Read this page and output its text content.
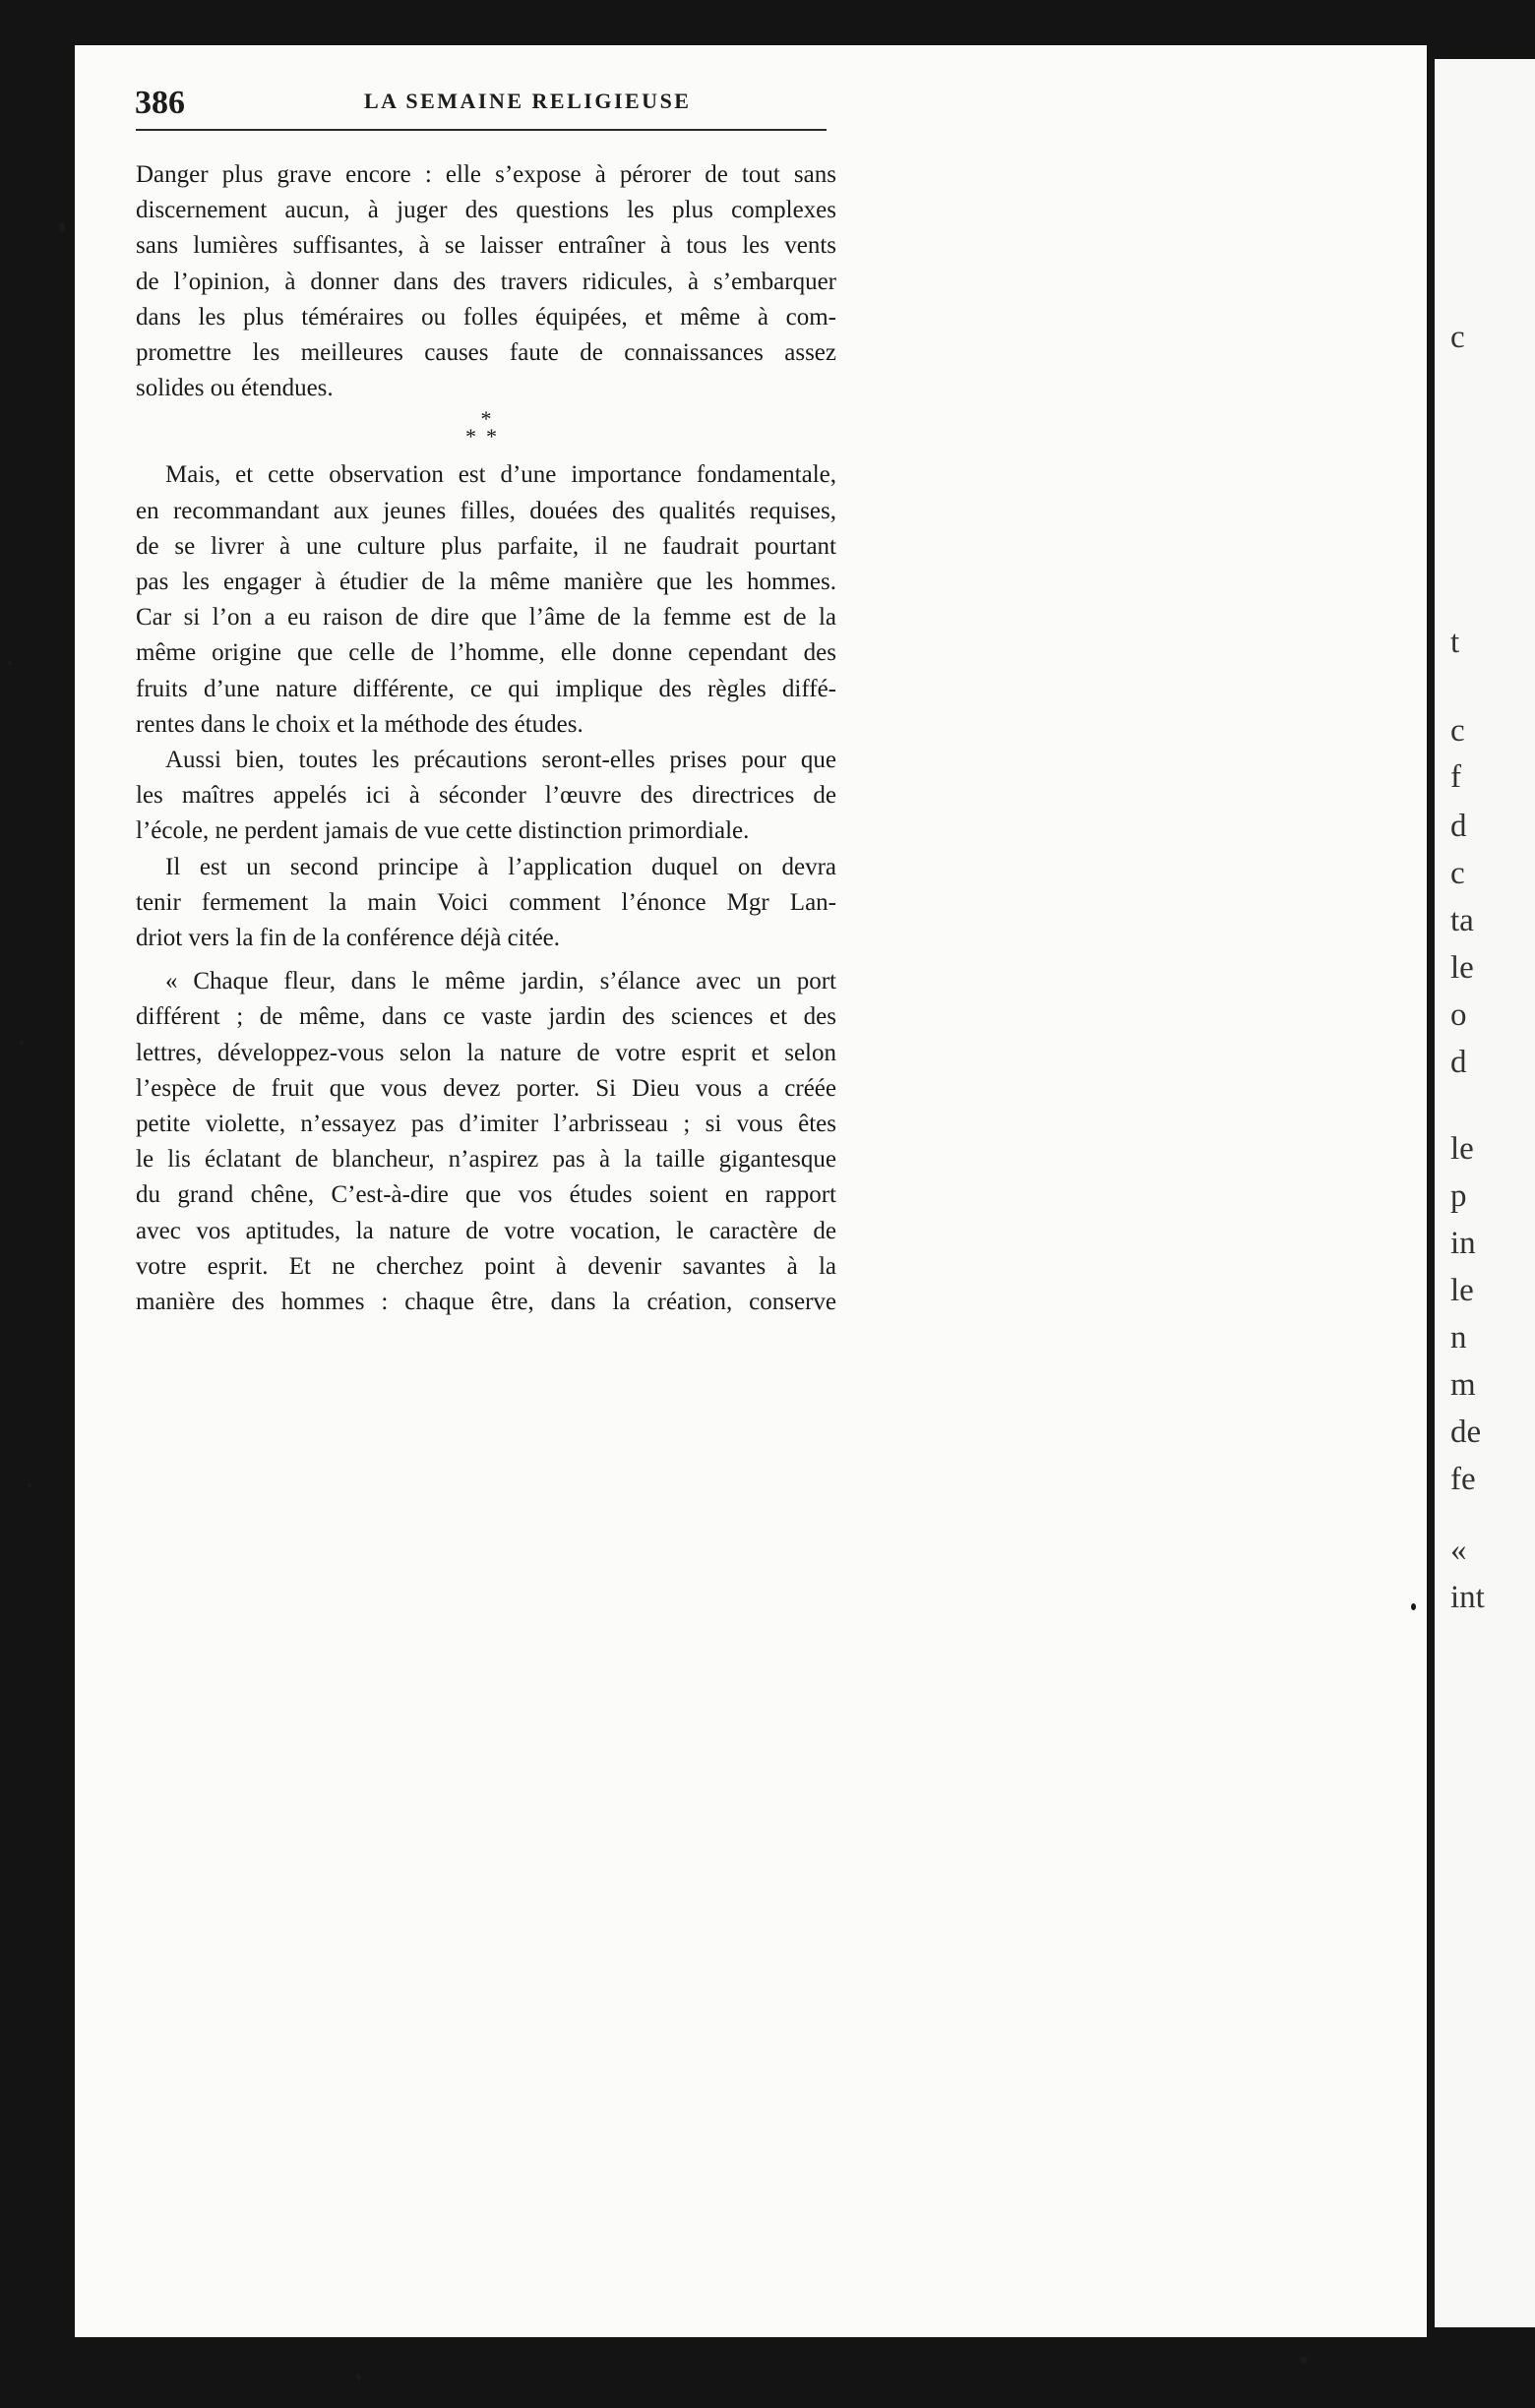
c
t
c
f
d
c
ta
le
o
d
le
p
in
le
n
m
de
fe
«
int
386	LA SEMAINE RELIGIEUSE
Danger plus grave encore : elle s’expose à pérorer de tout sans
discernement aucun, à juger des questions les plus complexes
sans lumières suffisantes, à se laisser entraîner à tous les vents
de l’opinion, à donner dans des travers ridicules, à s’embarquer
dans les plus téméraires ou folles équipées, et même à com-
promettre les meilleures causes faute de connaissances assez
solides ou étendues.
*
**
Mais, et cette observation est d’une importance fondamentale,
en recommandant aux jeunes filles, douées des qualités requises,
de se livrer à une culture plus parfaite, il ne faudrait pourtant
pas les engager à étudier de la même manière que les hommes.
Car si l’on a eu raison de dire que l’âme de la femme est de la
même origine que celle de l’homme, elle donne cependant des
fruits d’une nature différente, ce qui implique des règles diffé-
rentes dans le choix et la méthode des études.
Aussi bien, toutes les précautions seront-elles prises pour que
les maîtres appelés ici à séconder l’œuvre des directrices de
l’école, ne perdent jamais de vue cette distinction primordiale.
Il est un second principe à l’application duquel on devra
tenir fermement la main Voici comment l’énonce Mgr Lan-
driot vers la fin de la conférence déjà citée.
« Chaque fleur, dans le même jardin, s’élance avec un port
différent ; de même, dans ce vaste jardin des sciences et des
lettres, développez-vous selon la nature de votre esprit et selon
l’espèce de fruit que vous devez porter. Si Dieu vous a créée
petite violette, n’essayez pas d’imiter l’arbrisseau ; si vous êtes
le lis éclatant de blancheur, n’aspirez pas à la taille gigantesque
du grand chêne, C’est-à-dire que vos études soient en rapport
avec vos aptitudes, la nature de votre vocation, le caractère de
votre esprit. Et ne cherchez point à devenir savantes à la
manière des hommes : chaque être, dans la création, conserve
